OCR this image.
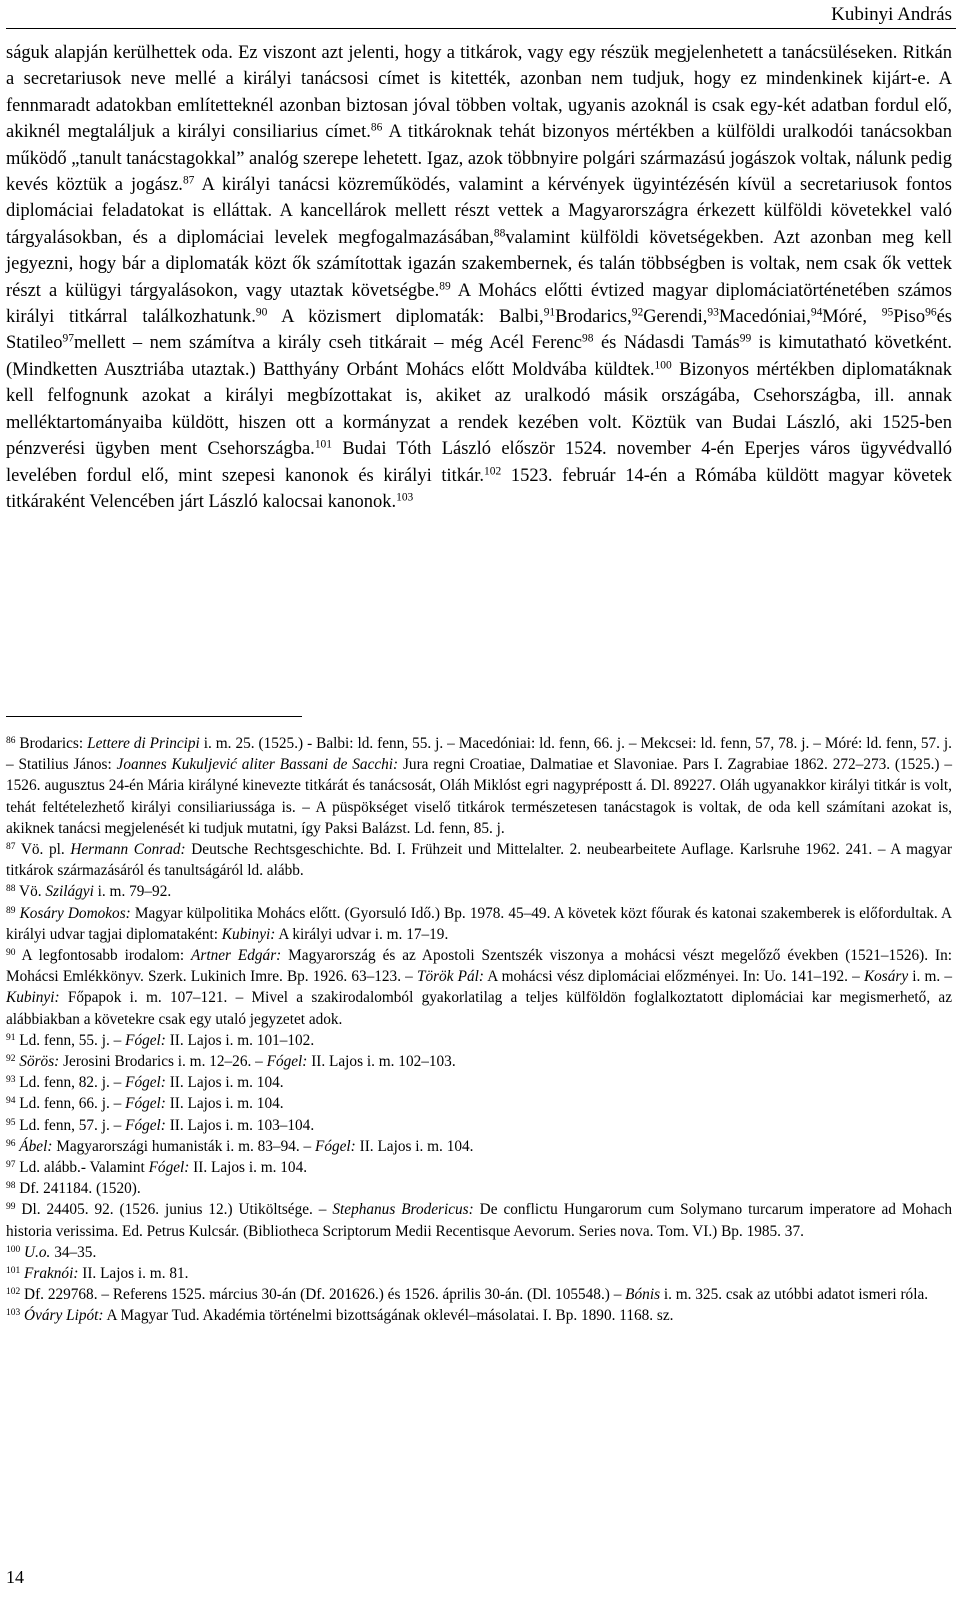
Kubinyi András

ságuk alapján kerülhettek oda. Ez viszont azt jelenti, hogy a titkárok, vagy egy részük megjelenhetett a tanácsüléseken. Ritkán a secretariusok neve mellé a királyi tanácsosi címet is kitették, azonban nem tudjuk, hogy ez mindenkinek kijárt-e. A fennmaradt adatokban említetteknél azonban biztosan jóval többen voltak, ugyanis azoknál is csak egy-két adatban fordul elő, akiknél megtaláljuk a királyi consiliarius címet.$^{86}$ A titkároknak tehát bizonyos mértékben a külföldi uralkodói tanácsokban működő „tanult tanácstagokkal” analóg szerepe lehetett. Igaz, azok többnyire polgári származású jogászok voltak, nálunk pedig kevés köztük a jogász.$^{87}$ A királyi tanácsi közreműködés, valamint a kérvények ügyintézésén kívül a secretariusok fontos diplomáciai feladatokat is elláttak. A kancellárok mellett részt vettek a Magyarországra érkezett külföldi követekkel való tárgyalásokban, és a diplomáciai levelek megfogalmazásában,$^{88}$valamint külföldi követségekben. Azt azonban meg kell jegyezni, hogy bár a diplomaták közt ők számítottak igazán szakembernek, és talán többségben is voltak, nem csak ők vettek részt a külügyi tárgyalásokon, vagy utaztak követségbe.$^{89}$ A Mohács előtti évtized magyar diplomáciatörténetében számos királyi titkárral találkozhatunk.$^{90}$ A közismert diplomaták: Balbi,$^{91}$Brodarics,$^{92}$Gerendi,$^{93}$Macedóniai,$^{94}$Móré, $^{95}$Piso$^{96}$és Statileo$^{97}$mellett – nem számítva a király cseh titkárait – még Acél Ferenc$^{98}$ és Nádasdi Tamás$^{99}$ is kimutatható követként. (Mindketten Ausztriába utaztak.) Batthyány Orbánt Mohács előtt Moldvába küldtek.$^{100}$ Bizonyos mértékben diplomatáknak kell felfognunk azokat a királyi megbízottakat is, akiket az uralkodó másik országába, Csehországba, ill. annak melléktartományaiba küldött, hiszen ott a kormányzat a rendek kezében volt. Köztük van Budai László, aki 1525-ben pénzverési ügyben ment Csehországba.$^{101}$ Budai Tóth László először 1524. november 4-én Eperjes város ügyvédvalló levelében fordul elő, mint szepesi kanonok és királyi titkár.$^{102}$ 1523. február 14-én a Rómába küldött magyar követek titkáraként Velencében járt László kalocsai kanonok.$^{103}$

$^{86}$ Brodarics: Lettere di Principi i. m. 25. (1525.) - Balbi: ld. fenn, 55. j. – Macedóniai: ld. fenn, 66. j. – Mekcsei: ld. fenn, 57, 78. j. – Móré: ld. fenn, 57. j. – Statilius János: Joannes Kukuljević aliter Bassani de Sacchi: Jura regni Croatiae, Dalmatiae et Slavoniae. Pars I. Zagrabiae 1862. 272–273. (1525.) – 1526. augusztus 24-én Mária királyné kinevezte titkárát és tanácsosát, Oláh Miklóst egri nagyprépostt á. Dl. 89227. Oláh ugyanakkor királyi titkár is volt, tehát feltételezhető királyi consiliariussága is. – A püspökséget viselő titkárok természetesen tanácstagok is voltak, de oda kell számítani azokat is, akiknek tanácsi megjelenését ki tudjuk mutatni, így Paksi Balázst. Ld. fenn, 85. j.

$^{87}$ Vö. pl. Hermann Conrad: Deutsche Rechtsgeschichte. Bd. I. Frühzeit und Mittelalter. 2. neubearbeitete Auflage. Karlsruhe 1962. 241. – A magyar titkárok származásáról és tanultságáról ld. alább.

$^{88}$ Vö. Szilágyi i. m. 79–92.

$^{89}$ Kosáry Domokos: Magyar külpolitika Mohács előtt. (Gyorsuló Idő.) Bp. 1978. 45–49. A követek közt főurak és katonai szakemberek is előfordultak. A királyi udvar tagjai diplomataként: Kubinyi: A királyi udvar i. m. 17–19.

$^{90}$ A legfontosabb irodalom: Artner Edgár: Magyarország és az Apostoli Szentszék viszonya a mohácsi vészt megelőző években (1521–1526). In: Mohácsi Emlékkönyv. Szerk. Lukinich Imre. Bp. 1926. 63–123. – Török Pál: A mohácsi vész diplomáciai előzményei. In: Uo. 141–192. – Kosáry i. m. – Kubinyi: Főpapok i. m. 107–121. – Mivel a szakirodalomból gyakorlatilag a teljes külföldön foglalkoztatott diplomáciai kar megismerhető, az alábbiakban a követekre csak egy utaló jegyzetet adok.

$^{91}$ Ld. fenn, 55. j. – Fógel: II. Lajos i. m. 101–102.

$^{92}$ Sörös: Jerosini Brodarics i. m. 12–26. – Fógel: II. Lajos i. m. 102–103.

$^{93}$ Ld. fenn, 82. j. – Fógel: II. Lajos i. m. 104.

$^{94}$ Ld. fenn, 66. j. – Fógel: II. Lajos i. m. 104.

$^{95}$ Ld. fenn, 57. j. – Fógel: II. Lajos i. m. 103–104.

$^{96}$ Ábel: Magyarországi humanisták i. m. 83–94. – Fógel: II. Lajos i. m. 104.

$^{97}$ Ld. alább.- Valamint Fógel: II. Lajos i. m. 104.

$^{98}$ Df. 241184. (1520).

$^{99}$ Dl. 24405. 92. (1526. junius 12.) Utiköltsége. – Stephanus Brodericus: De conflictu Hungarorum cum Solymano turcarum imperatore ad Mohach historia verissima. Ed. Petrus Kulcsár. (Bibliotheca Scriptorum Medii Recentisque Aevorum. Series nova. Tom. VI.) Bp. 1985. 37.

$^{100}$ U.o. 34–35.

$^{101}$ Fraknói: II. Lajos i. m. 81.

$^{102}$ Df. 229768. – Referens 1525. március 30-án (Df. 201626.) és 1526. április 30-án. (Dl. 105548.) – Bónis i. m. 325. csak az utóbbi adatot ismeri róla.

$^{103}$ Óváry Lipót: A Magyar Tud. Akadémia történelmi bizottságának oklevél–másolatai. I. Bp. 1890. 1168. sz.

14
